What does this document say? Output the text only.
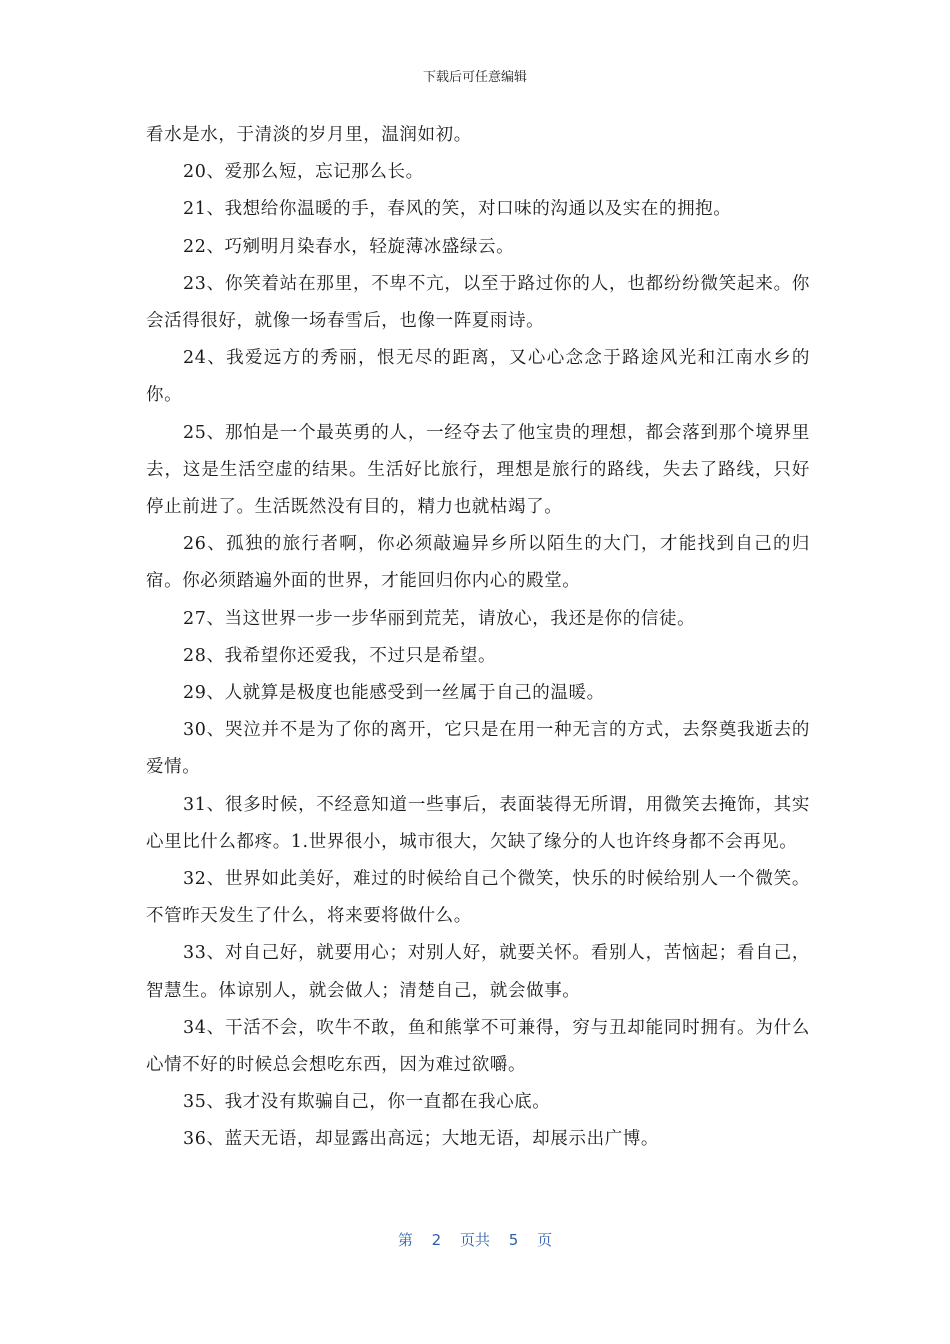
下载后可任意编辑

看水是水，于清淡的岁月里，温润如初。

20、爱那么短，忘记那么长。

21、我想给你温暖的手，春风的笑，对口味的沟通以及实在的拥抱。

22、巧剜明月染春水，轻旋薄冰盛绿云。

23、你笑着站在那里，不卑不亢，以至于路过你的人，也都纷纷微笑起来。你会活得很好，就像一场春雪后，也像一阵夏雨诗。

24、我爱远方的秀丽，恨无尽的距离，又心心念念于路途风光和江南水乡的你。

25、那怕是一个最英勇的人，一经夺去了他宝贵的理想，都会落到那个境界里去，这是生活空虚的结果。生活好比旅行，理想是旅行的路线，失去了路线，只好停止前进了。生活既然没有目的，精力也就枯竭了。

26、孤独的旅行者啊，你必须敲遍异乡所以陌生的大门，才能找到自己的归宿。你必须踏遍外面的世界，才能回归你内心的殿堂。

27、当这世界一步一步华丽到荒芜，请放心，我还是你的信徒。

28、我希望你还爱我，不过只是希望。

29、人就算是极度也能感受到一丝属于自己的温暖。

30、哭泣并不是为了你的离开，它只是在用一种无言的方式，去祭奠我逝去的爱情。

31、很多时候，不经意知道一些事后，表面装得无所谓，用微笑去掩饰，其实心里比什么都疼。1.世界很小，城市很大，欠缺了缘分的人也许终身都不会再见。

32、世界如此美好，难过的时候给自己个微笑，快乐的时候给别人一个微笑。不管昨天发生了什么，将来要将做什么。

33、对自己好，就要用心；对别人好，就要关怀。看别人，苦恼起；看自己，智慧生。体谅别人，就会做人；清楚自己，就会做事。

34、干活不会，吹牛不敢，鱼和熊掌不可兼得，穷与丑却能同时拥有。为什么心情不好的时候总会想吃东西，因为难过欲嚼。

35、我才没有欺骗自己，你一直都在我心底。

36、蓝天无语，却显露出高远；大地无语，却展示出广博。

第 2 页共 5 页
